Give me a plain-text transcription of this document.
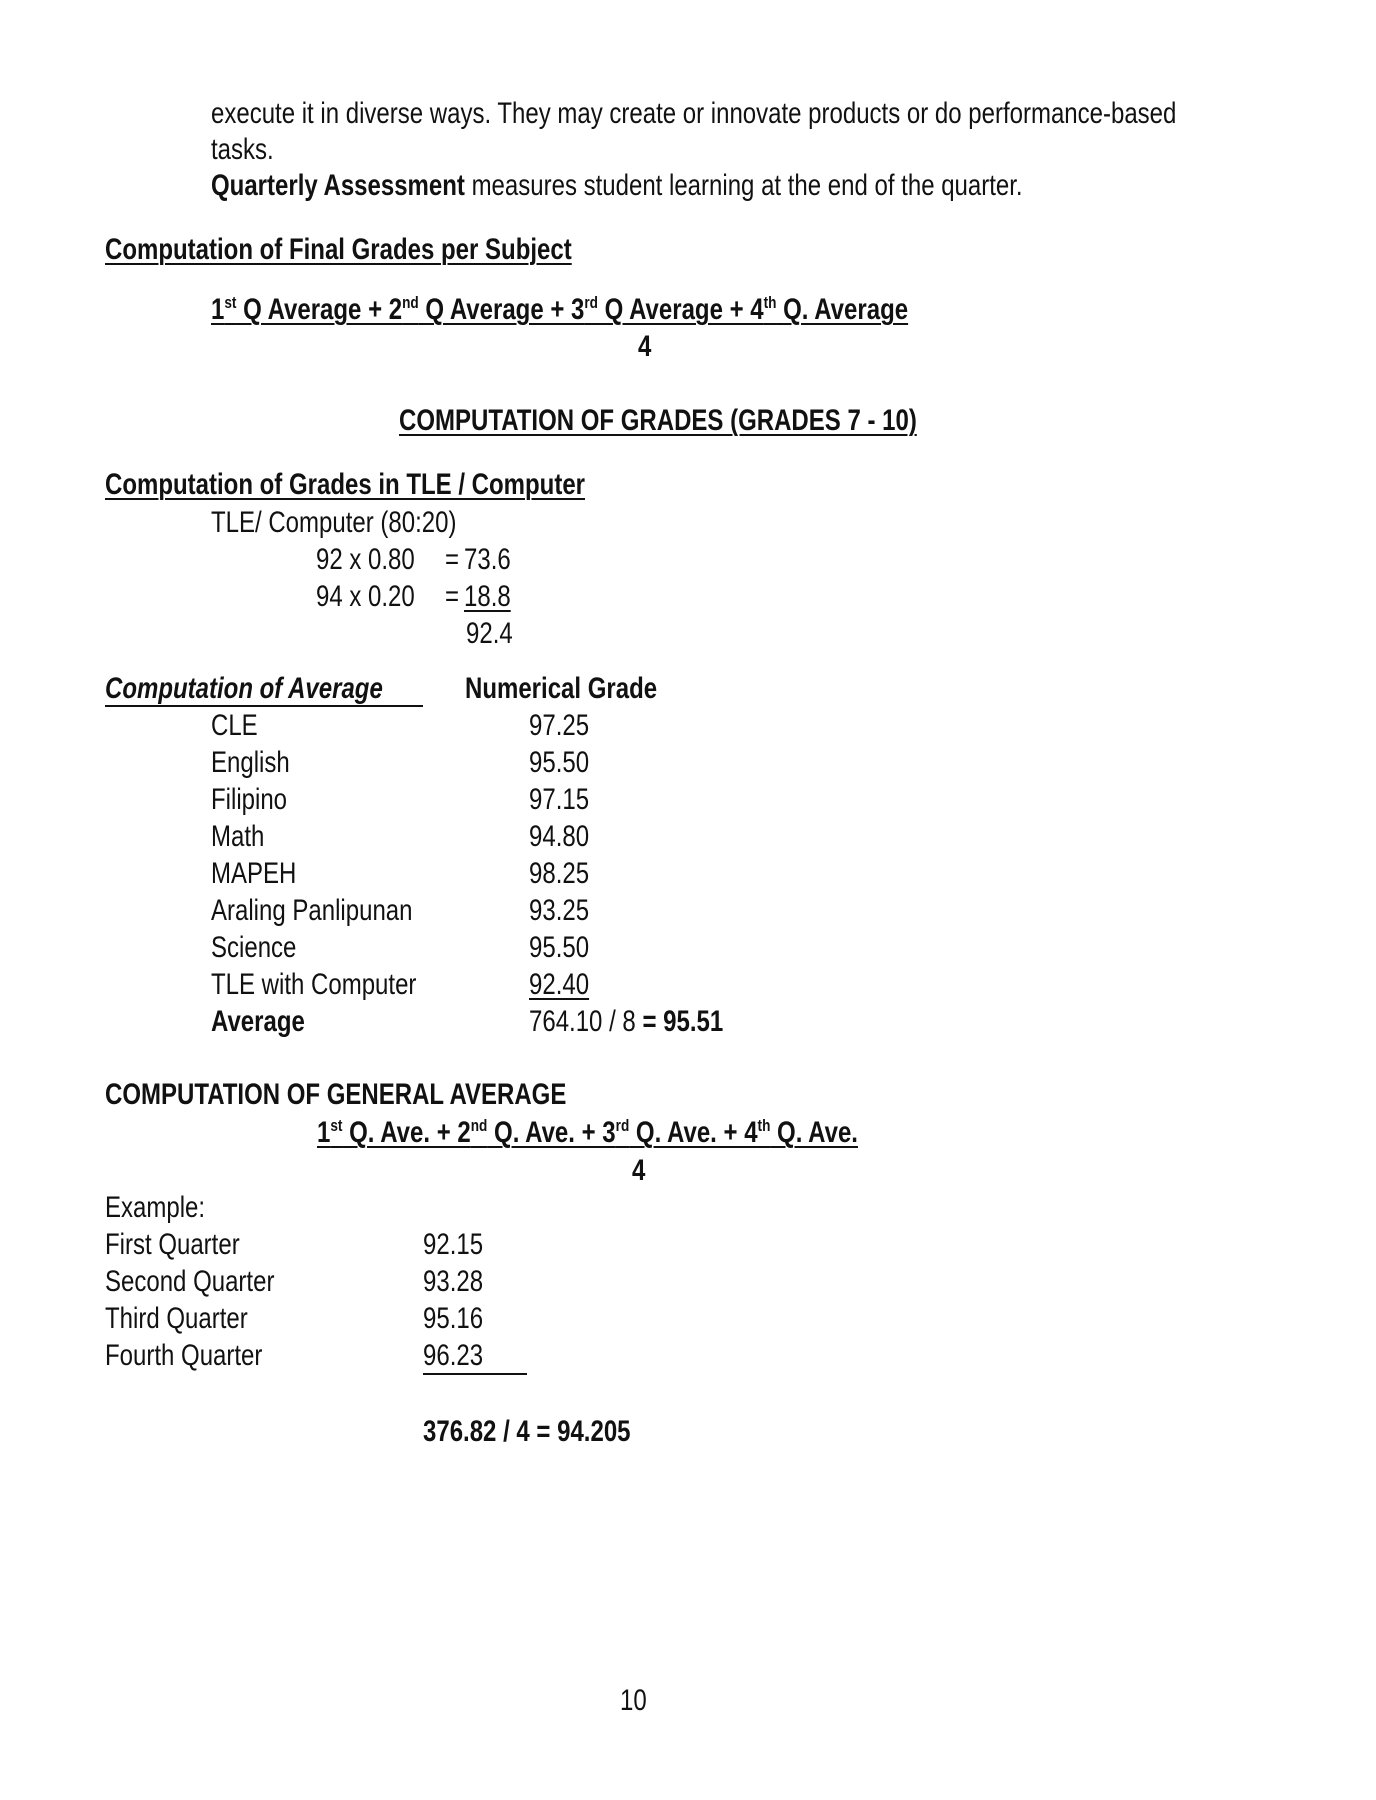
execute it in diverse ways. They may create or innovate products or do performance-based
tasks.
Quarterly Assessment measures student learning at the end of the quarter.
Computation of Final Grades per Subject
1st Q Average + 2nd Q Average + 3rd Q Average + 4th Q. Average
4
COMPUTATION OF GRADES (GRADES 7 - 10)
Computation of Grades in TLE / Computer
TLE/ Computer (80:20)
92 x 0.80 = 73.6
94 x 0.20 = 18.8
92.4
Computation of Average	Numerical Grade
CLE	97.25
English	95.50
Filipino	97.15
Math	94.80
MAPEH	98.25
Araling Panlipunan	93.25
Science	95.50
TLE with Computer	92.40
Average	764.10 / 8 = 95.51
COMPUTATION OF GENERAL AVERAGE
1st Q. Ave. + 2nd Q. Ave. + 3rd Q. Ave. + 4th Q. Ave.
4
Example:
First Quarter	92.15
Second Quarter	93.28
Third Quarter	95.16
Fourth Quarter	96.23
376.82 / 4 = 94.205
10
